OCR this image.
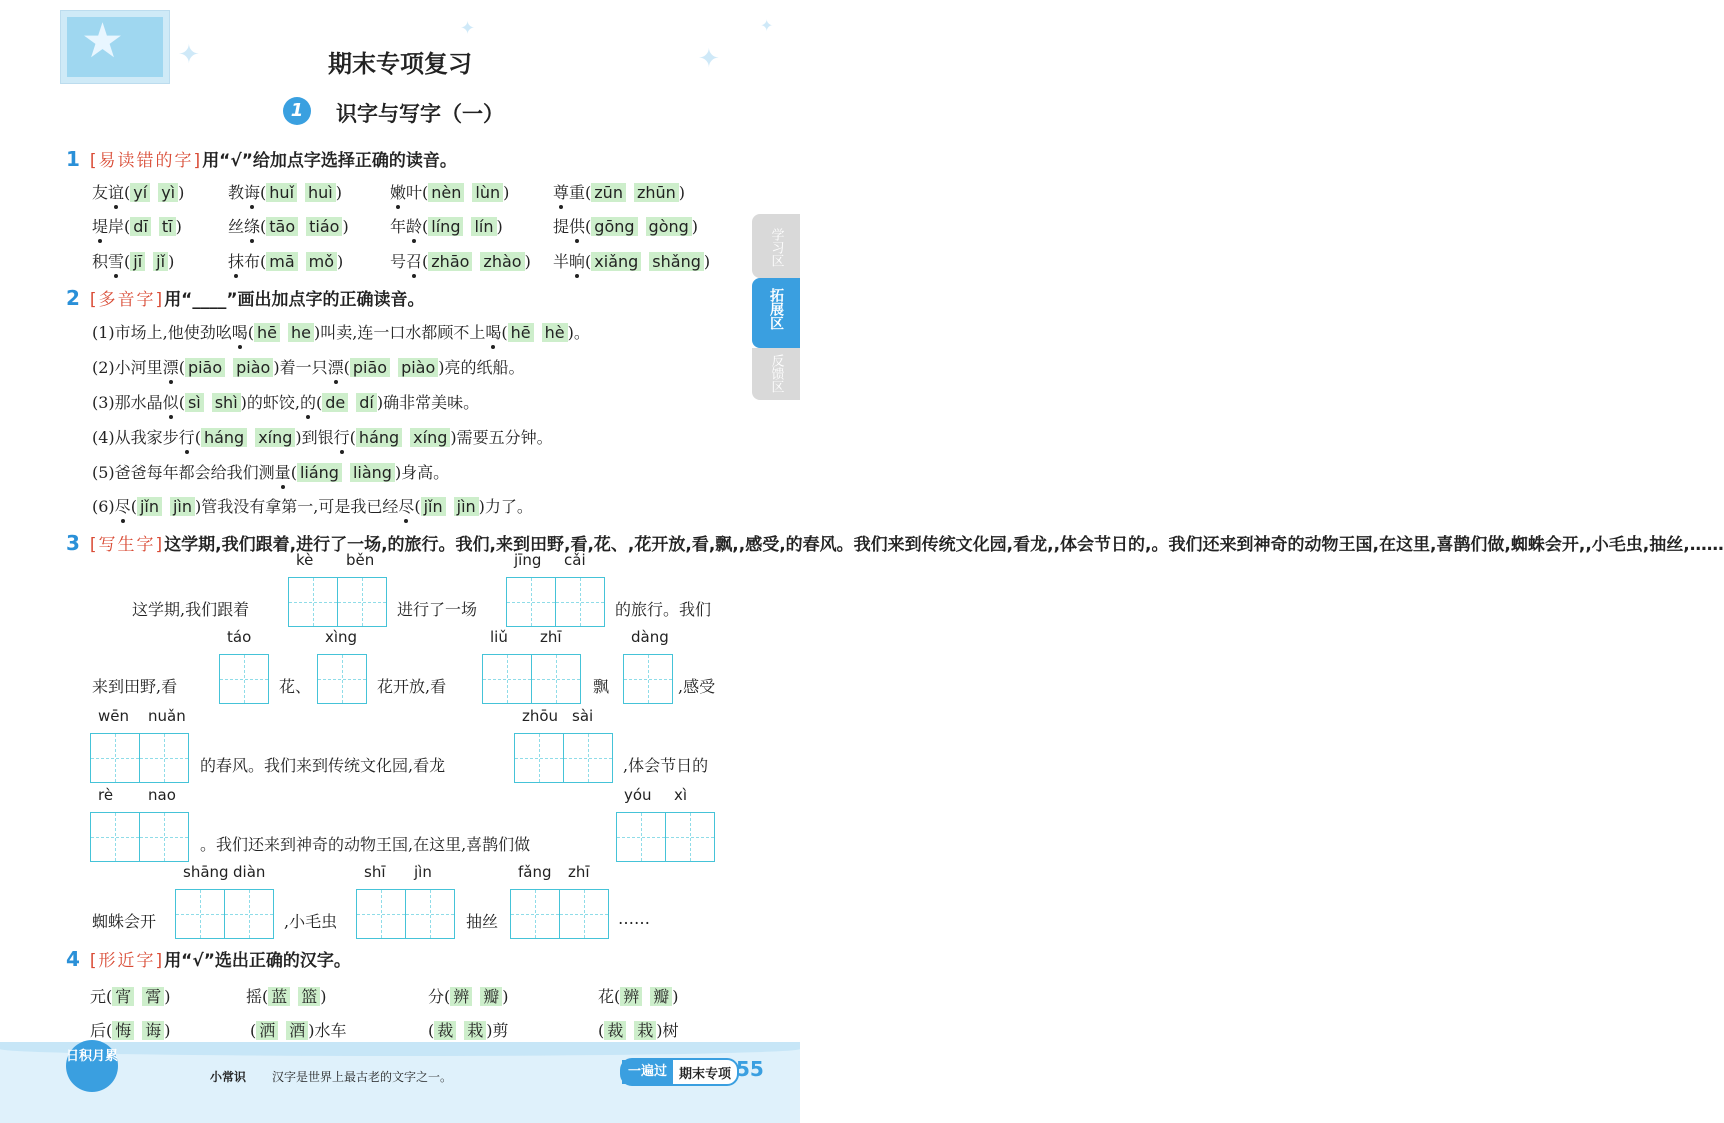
★ ✦	✦
✦	✦
期末专项复习
1	识字与写字（一）
学习区
拓展区
反馈区
1 [易读错的字]用“√”给加点字选择正确的读音。
友谊( yí  yì )	教诲( huǐ  huì )	嫩叶( nèn  lùn )	尊重( zūn  zhūn )
堤岸( dī  tī )	丝绦( tāo  tiáo )	年龄( líng  lín )	提供( gōng  gòng )
积雪( jī  jǐ )	抹布( mā  mǒ )	号召( zhāo  zhào ) 半晌( xiǎng  shǎng )
2 [多音字]用“____”画出加点字的正确读音。
(1)市场上,他使劲吆喝( hē  he )叫卖,连一口水都顾不上喝( hē  hè )。
(2)小河里漂( piāo  piào )着一只漂( piāo  piào )亮的纸船。
(3)那水晶似( sì  shì )的虾饺,的( de  dí )确非常美味。
(4)从我家步行( háng  xíng )到银行( háng  xíng )需要五分钟。
(5)爸爸每年都会给我们测量( liáng  liàng )身高。
(6)尽( jǐn  jìn )管我没有拿第一,可是我已经尽( jǐn  jìn )力了。
3 [写生字]这学期,我们跟着,进行了一场,的旅行。我们,来到田野,看,花、,花开放,看,飘,,感受,的春风。我们来到传统文化园,看龙,,体会节日的,。我们还来到神奇的动物王国,在这里,喜鹊们做,蜘蛛会开,,小毛虫,抽丝,……
这学期,我们跟着
kè běn
进行了一场
jīng cǎi
的旅行。我们
来到田野,看
táo
花、
xìng
花开放,看
liǔ zhī
飘
dàng
,感受
wēn nuǎn
的春风。我们来到传统文化园,看龙
zhōu sài
,体会节日的
rè nao
。我们还来到神奇的动物王国,在这里,喜鹊们做
yóu xì
蜘蛛会开
shāng diàn
,小毛虫
shī jìn
抽丝
fǎng zhī
……
4 [形近字]用“√”选出正确的汉字。
元( 宵  霄 )	摇( 蓝  篮 )	分( 辨  瓣 )	花( 辨  瓣 )
后( 悔  诲 )	( 洒  酒 )水车	( 裁  栽 )剪	( 裁  栽 )树
日积月累
小常识 汉字是世界上最古老的文字之一。	一遍过 期末专项 55
